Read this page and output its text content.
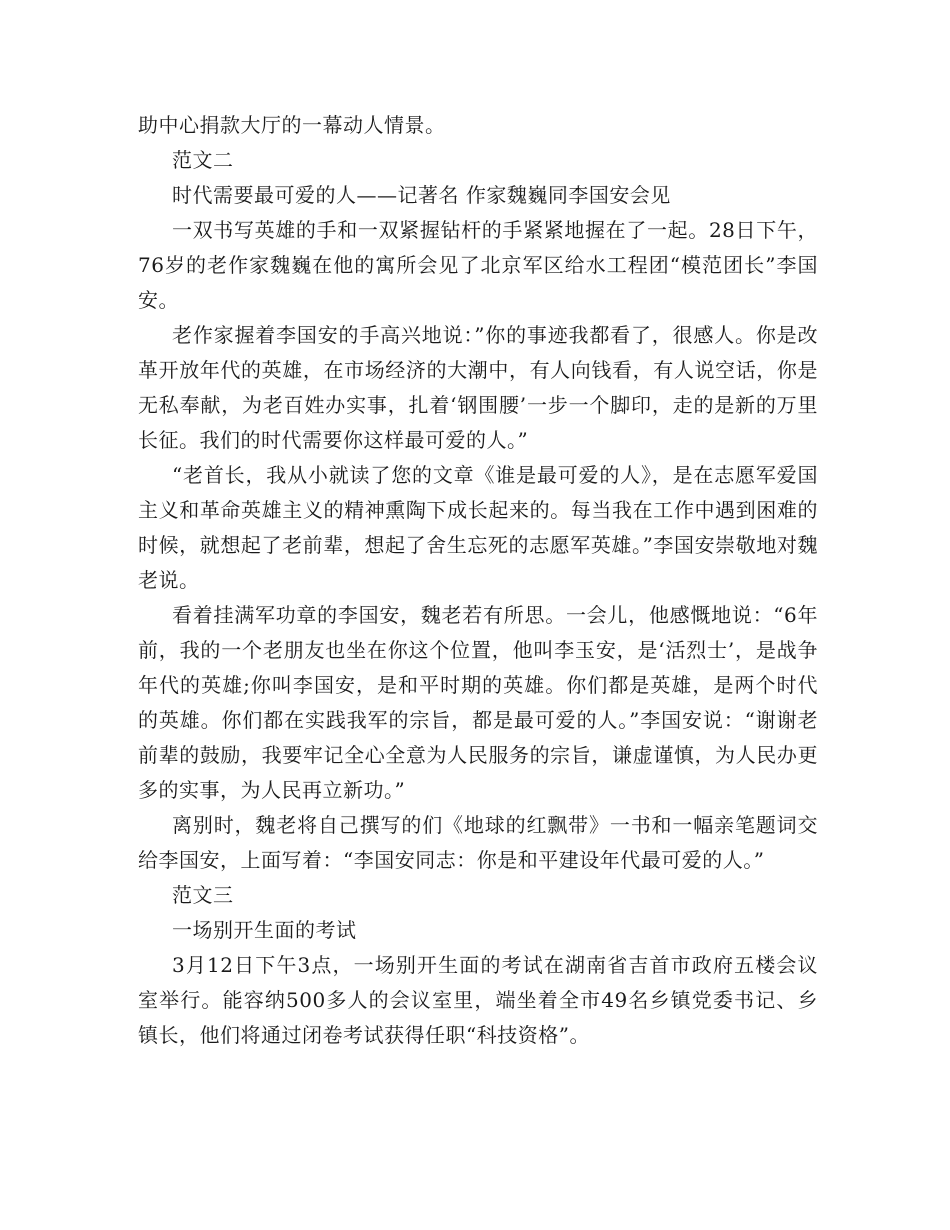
助中心捐款大厅的一幕动人情景。

范文二

时代需要最可爱的人——记著名 作家魏巍同李国安会见

一双书写英雄的手和一双紧握钻杆的手紧紧地握在了一起。28日下午，76岁的老作家魏巍在他的寓所会见了北京军区给水工程团“模范团长”李国安。

老作家握着李国安的手高兴地说：”你的事迹我都看了，很感人。你是改革开放年代的英雄，在市场经济的大潮中，有人向钱看，有人说空话，你是无私奉献，为老百姓办实事，扎着‘钢围腰’一步一个脚印，走的是新的万里长征。我们的时代需要你这样最可爱的人。”

“老首长，我从小就读了您的文章《谁是最可爱的人》，是在志愿军爱国主义和革命英雄主义的精神熏陶下成长起来的。每当我在工作中遇到困难的时候，就想起了老前辈，想起了舍生忘死的志愿军英雄。”李国安崇敬地对魏老说。

看着挂满军功章的李国安，魏老若有所思。一会儿，他感慨地说：“6年前，我的一个老朋友也坐在你这个位置，他叫李玉安，是‘活烈士’，是战争年代的英雄;你叫李国安，是和平时期的英雄。你们都是英雄，是两个时代的英雄。你们都在实践我军的宗旨，都是最可爱的人。”李国安说：“谢谢老前辈的鼓励，我要牢记全心全意为人民服务的宗旨，谦虚谨慎，为人民办更多的实事，为人民再立新功。”

离别时，魏老将自己撰写的们《地球的红飘带》一书和一幅亲笔题词交给李国安，上面写着：“李国安同志：你是和平建设年代最可爱的人。”

范文三

一场别开生面的考试

3月12日下午3点，一场别开生面的考试在湖南省吉首市政府五楼会议室举行。能容纳500多人的会议室里，端坐着全市49名乡镇党委书记、乡镇长，他们将通过闭卷考试获得任职“科技资格”。
